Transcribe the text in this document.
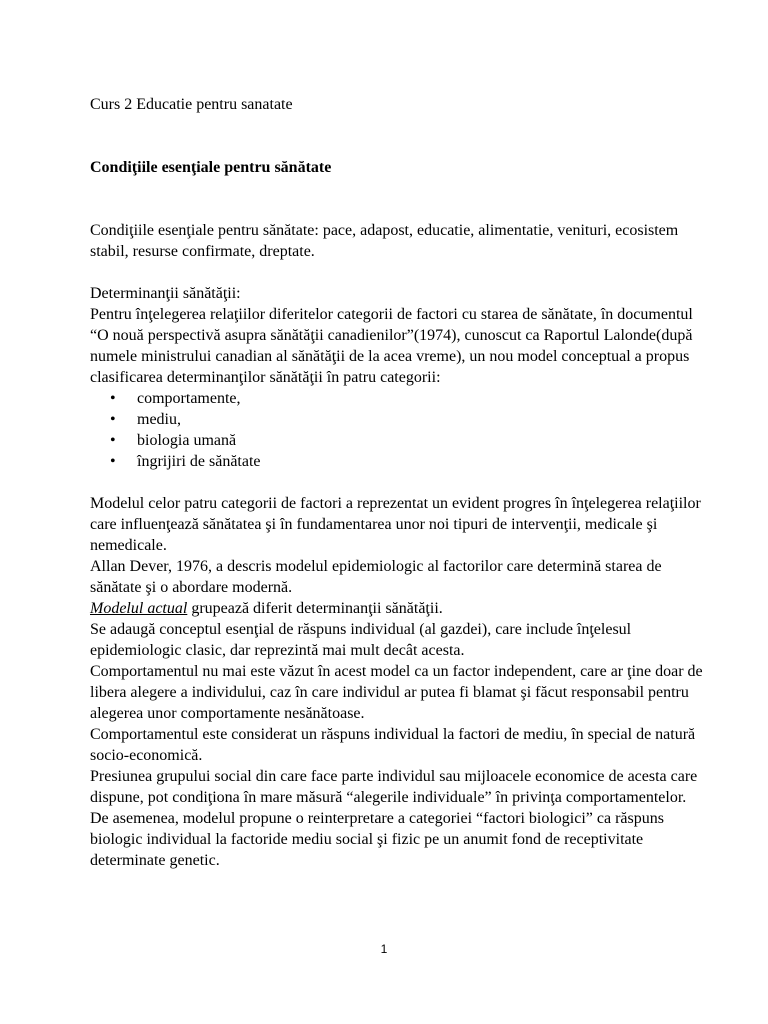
Curs 2 Educatie pentru sanatate

Condiţiile esenţiale pentru sănătate

Condiţiile esenţiale pentru sănătate: pace, adapost, educatie, alimentatie, venituri, ecosistem stabil, resurse confirmate, dreptate.

Determinanţii sănătăţii:

Pentru înţelegerea relaţiilor diferitelor categorii de factori cu starea de sănătate, în documentul “O nouă perspectivă asupra sănătăţii canadienilor”(1974), cunoscut ca Raportul Lalonde(după numele ministrului canadian al sănătăţii de la acea vreme), un nou model conceptual a propus clasificarea determinanţilor sănătăţii în patru categorii:

• comportamente,
• mediu,
• biologia umană
• îngrijiri de sănătate

Modelul celor patru categorii de factori a reprezentat un evident progres în înţelegerea relaţiilor care influenţează sănătatea şi în fundamentarea unor noi tipuri de intervenţii, medicale şi nemedicale.

Allan Dever, 1976, a descris modelul epidemiologic al factorilor care determină starea de sănătate şi o abordare modernă.

Modelul actual grupează diferit determinanţii sănătăţii.

Se adaugă conceptul esenţial de răspuns individual (al gazdei), care include înţelesul epidemiologic clasic, dar reprezintă mai mult decât acesta.

Comportamentul nu mai este văzut în acest model ca un factor independent, care ar ţine doar de libera alegere a individului, caz în care individul ar putea fi blamat şi făcut responsabil pentru alegerea unor comportamente nesănătoase.

Comportamentul este considerat un răspuns individual la factori de mediu, în special de natură socio-economică.

Presiunea grupului social din care face parte individul sau mijloacele economice de acesta care dispune, pot condiţiona în mare măsură “alegerile individuale” în privinţa comportamentelor.

De asemenea, modelul propune o reinterpretare a categoriei “factori biologici” ca răspuns biologic individual la factoride mediu social şi fizic pe un anumit fond de receptivitate determinate genetic.

1
